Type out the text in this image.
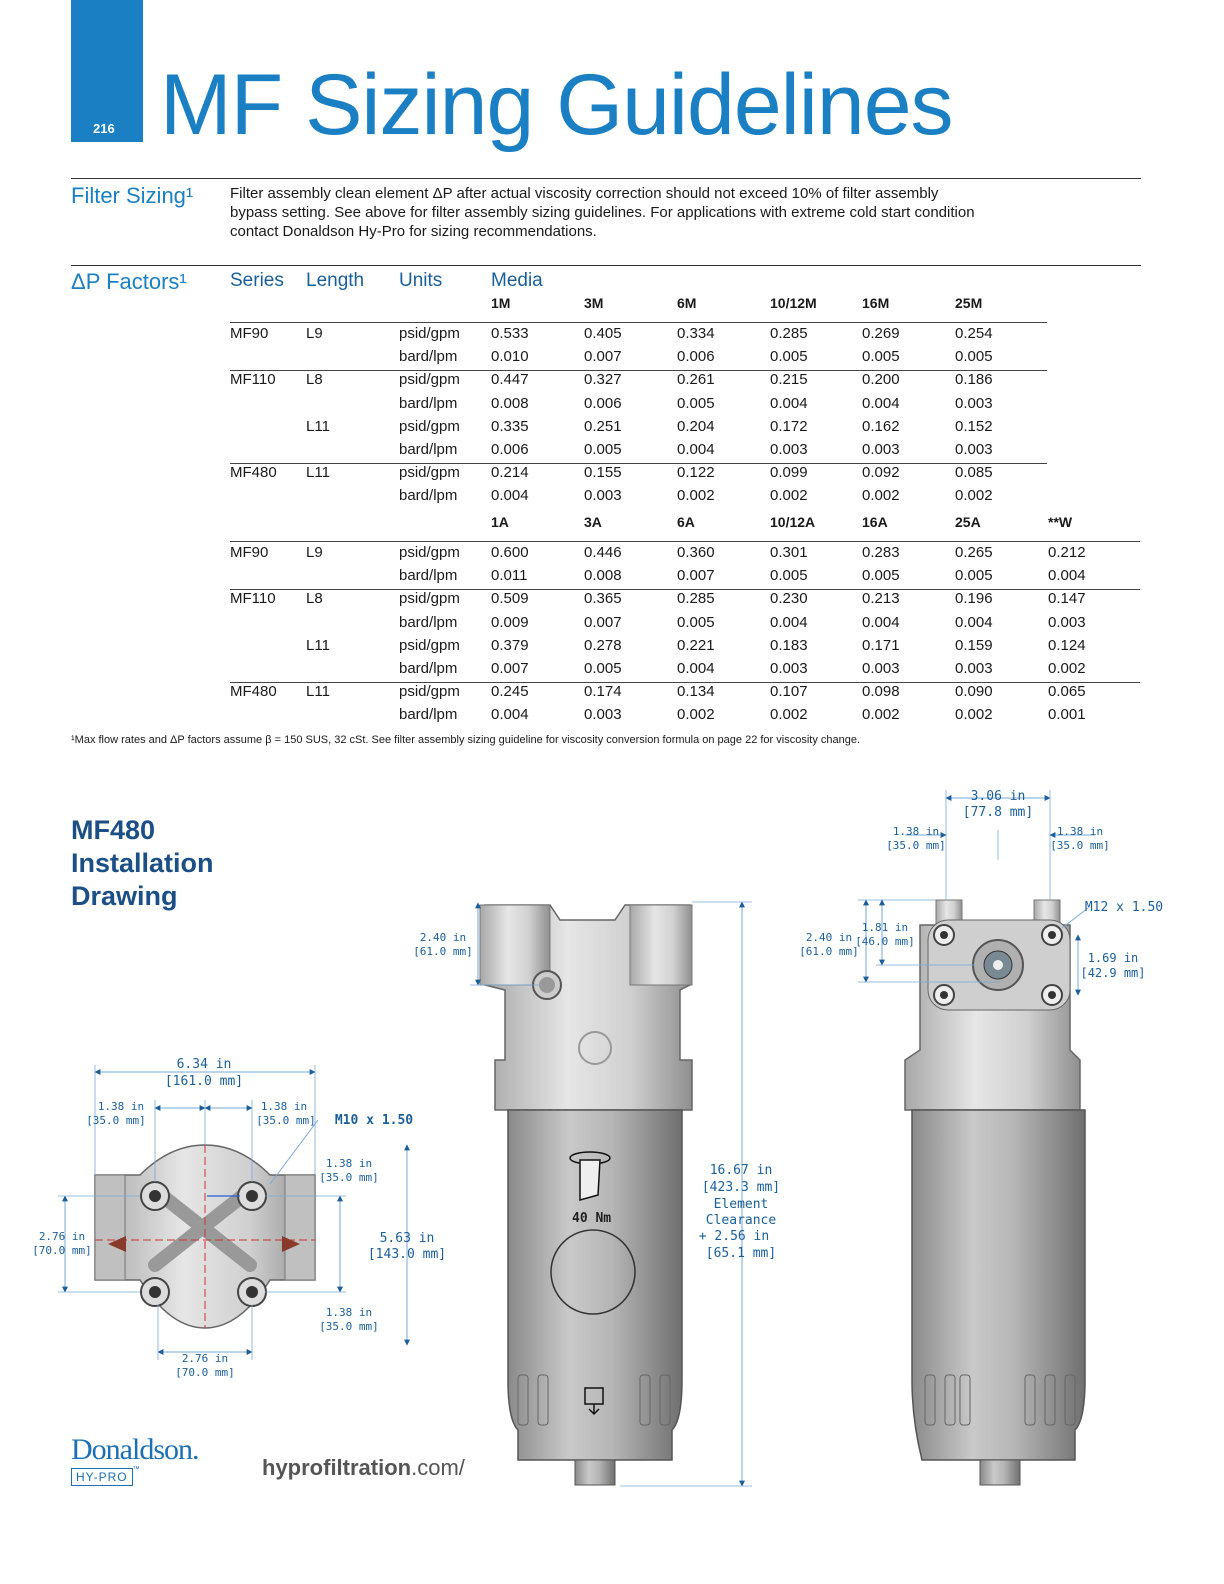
216 MF Sizing Guidelines
Filter Sizing¹ Filter assembly clean element ΔP after actual viscosity correction should not exceed 10% of filter assembly bypass setting. See above for filter assembly sizing guidelines. For applications with extreme cold start condition contact Donaldson Hy-Pro for sizing recommendations.
ΔP Factors¹ Series Length Units	Media
1M	3M	6M	10/12M	16M	25M
MF90	L9	psid/gpm 0.533	0.405	0.334	0.285	0.269	0.254
bard/lpm 0.010	0.007	0.006	0.005	0.005	0.005
MF110 L8	psid/gpm 0.447	0.327	0.261	0.215	0.200	0.186
bard/lpm 0.008	0.006	0.005	0.004	0.004	0.003
L11	psid/gpm 0.335	0.251	0.204	0.172	0.162	0.152
bard/lpm 0.006	0.005	0.004	0.003	0.003	0.003
MF480 L11	psid/gpm 0.214	0.155	0.122	0.099	0.092	0.085
bard/lpm 0.004	0.003	0.002	0.002	0.002	0.002
1A	3A	6A	10/12A	16A	25A	**W
MF90	L9	psid/gpm 0.600	0.446	0.360	0.301	0.283	0.265	0.212
bard/lpm 0.011	0.008	0.007	0.005	0.005	0.005	0.004
MF110 L8	psid/gpm 0.509	0.365	0.285	0.230	0.213	0.196	0.147
bard/lpm 0.009	0.007	0.005	0.004	0.004	0.004	0.003
L11	psid/gpm 0.379	0.278	0.221	0.183	0.171	0.159	0.124
bard/lpm 0.007	0.005	0.004	0.003	0.003	0.003	0.002
MF480 L11	psid/gpm 0.245	0.174	0.134	0.107	0.098	0.090	0.065
bard/lpm 0.004	0.003	0.002	0.002	0.002	0.002	0.001
¹Max flow rates and ΔP factors assume β = 150 SUS, 32 cSt. See filter assembly sizing guideline for viscosity conversion formula on page 22 for viscosity change.
MF480 Installation Drawing
40 Nm
6.34 in
[161.0 mm]
1.38 in
[35.0 mm]
1.38 in
[35.0 mm] M10 x 1.50
1.38 in
[35.0 mm]
5.63 in
[143.0 mm]
2.76 in
[70.0 mm]
1.38 in
[35.0 mm]
2.76 in
[70.0 mm]
2.40 in
[61.0 mm]
16.67 in
[423.3 mm]
Element
Clearance
+ 2.56 in
[65.1 mm]
3.06 in
[77.8 mm]
1.38 in
[35.0 mm]
1.38 in
[35.0 mm]
M12 x 1.50
2.40 in
[61.0 mm]
1.81 in
[46.0 mm]
1.69 in
[42.9 mm]
Donaldson.
HY-PRO™	hyprofiltration.com/
